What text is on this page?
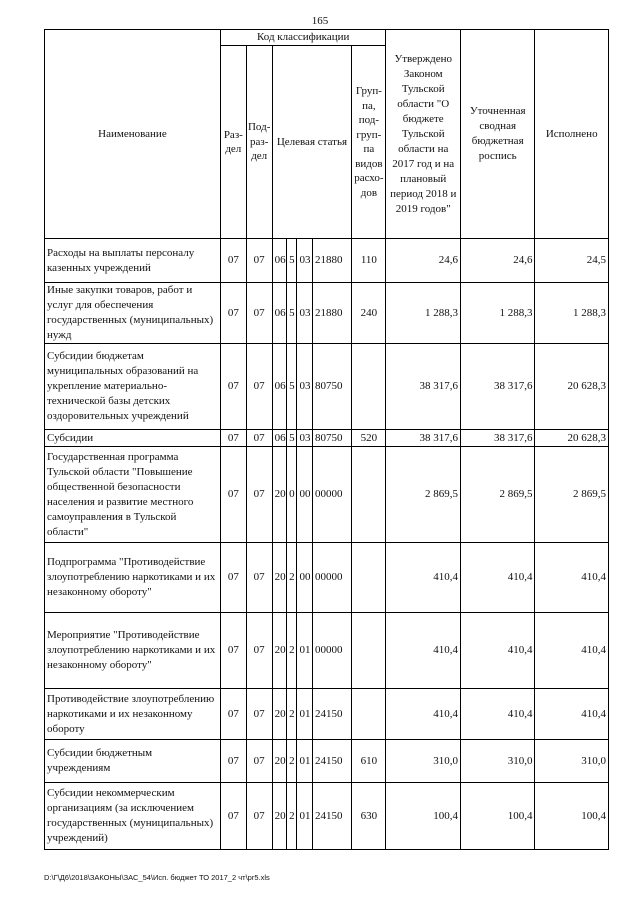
165
Наименование	Код классификации							Утверждено Законом Тульской области "О бюджете Тульской области на 2017 год и на плановый период 2018 и 2019 годов"	Уточненная сводная бюджетная роспись	Исполнено
	Раз-дел	Под-раз-дел	Целевая статья				Груп-па, под-груп-па видов расхо-дов			
Расходы на выплаты персоналу казенных учреждений	07	07	06	5	03	21880	110	24,6	24,6	24,5
Иные закупки товаров, работ и услуг для обеспечения государственных (муниципальных) нужд	07	07	06	5	03	21880	240	1 288,3	1 288,3	1 288,3
Субсидии бюджетам муниципальных образований на укрепление материально-технической базы детских оздоровительных учреждений	07	07	06	5	03	80750		38 317,6	38 317,6	20 628,3
Субсидии	07	07	06	5	03	80750	520	38 317,6	38 317,6	20 628,3
Государственная программа Тульской области "Повышение общественной безопасности населения и развитие местного самоуправления в Тульской области"	07	07	20	0	00	00000		2 869,5	2 869,5	2 869,5
Подпрограмма "Противодействие злоупотреблению наркотиками и их незаконному обороту"	07	07	20	2	00	00000		410,4	410,4	410,4
Мероприятие "Противодействие злоупотреблению наркотиками и их незаконному обороту"	07	07	20	2	01	00000		410,4	410,4	410,4
Противодействие злоупотреблению наркотиками и их незаконному обороту	07	07	20	2	01	24150		410,4	410,4	410,4
Субсидии бюджетным учреждениям	07	07	20	2	01	24150	610	310,0	310,0	310,0
Субсидии некоммерческим организациям (за исключением государственных (муниципальных) учреждений)	07	07	20	2	01	24150	630	100,4	100,4	100,4
D:\Г\Д6\2018\ЗАКОНЫ\ЗАС_54\Исп. бюджет ТО 2017_2 чт\рr5.xls
